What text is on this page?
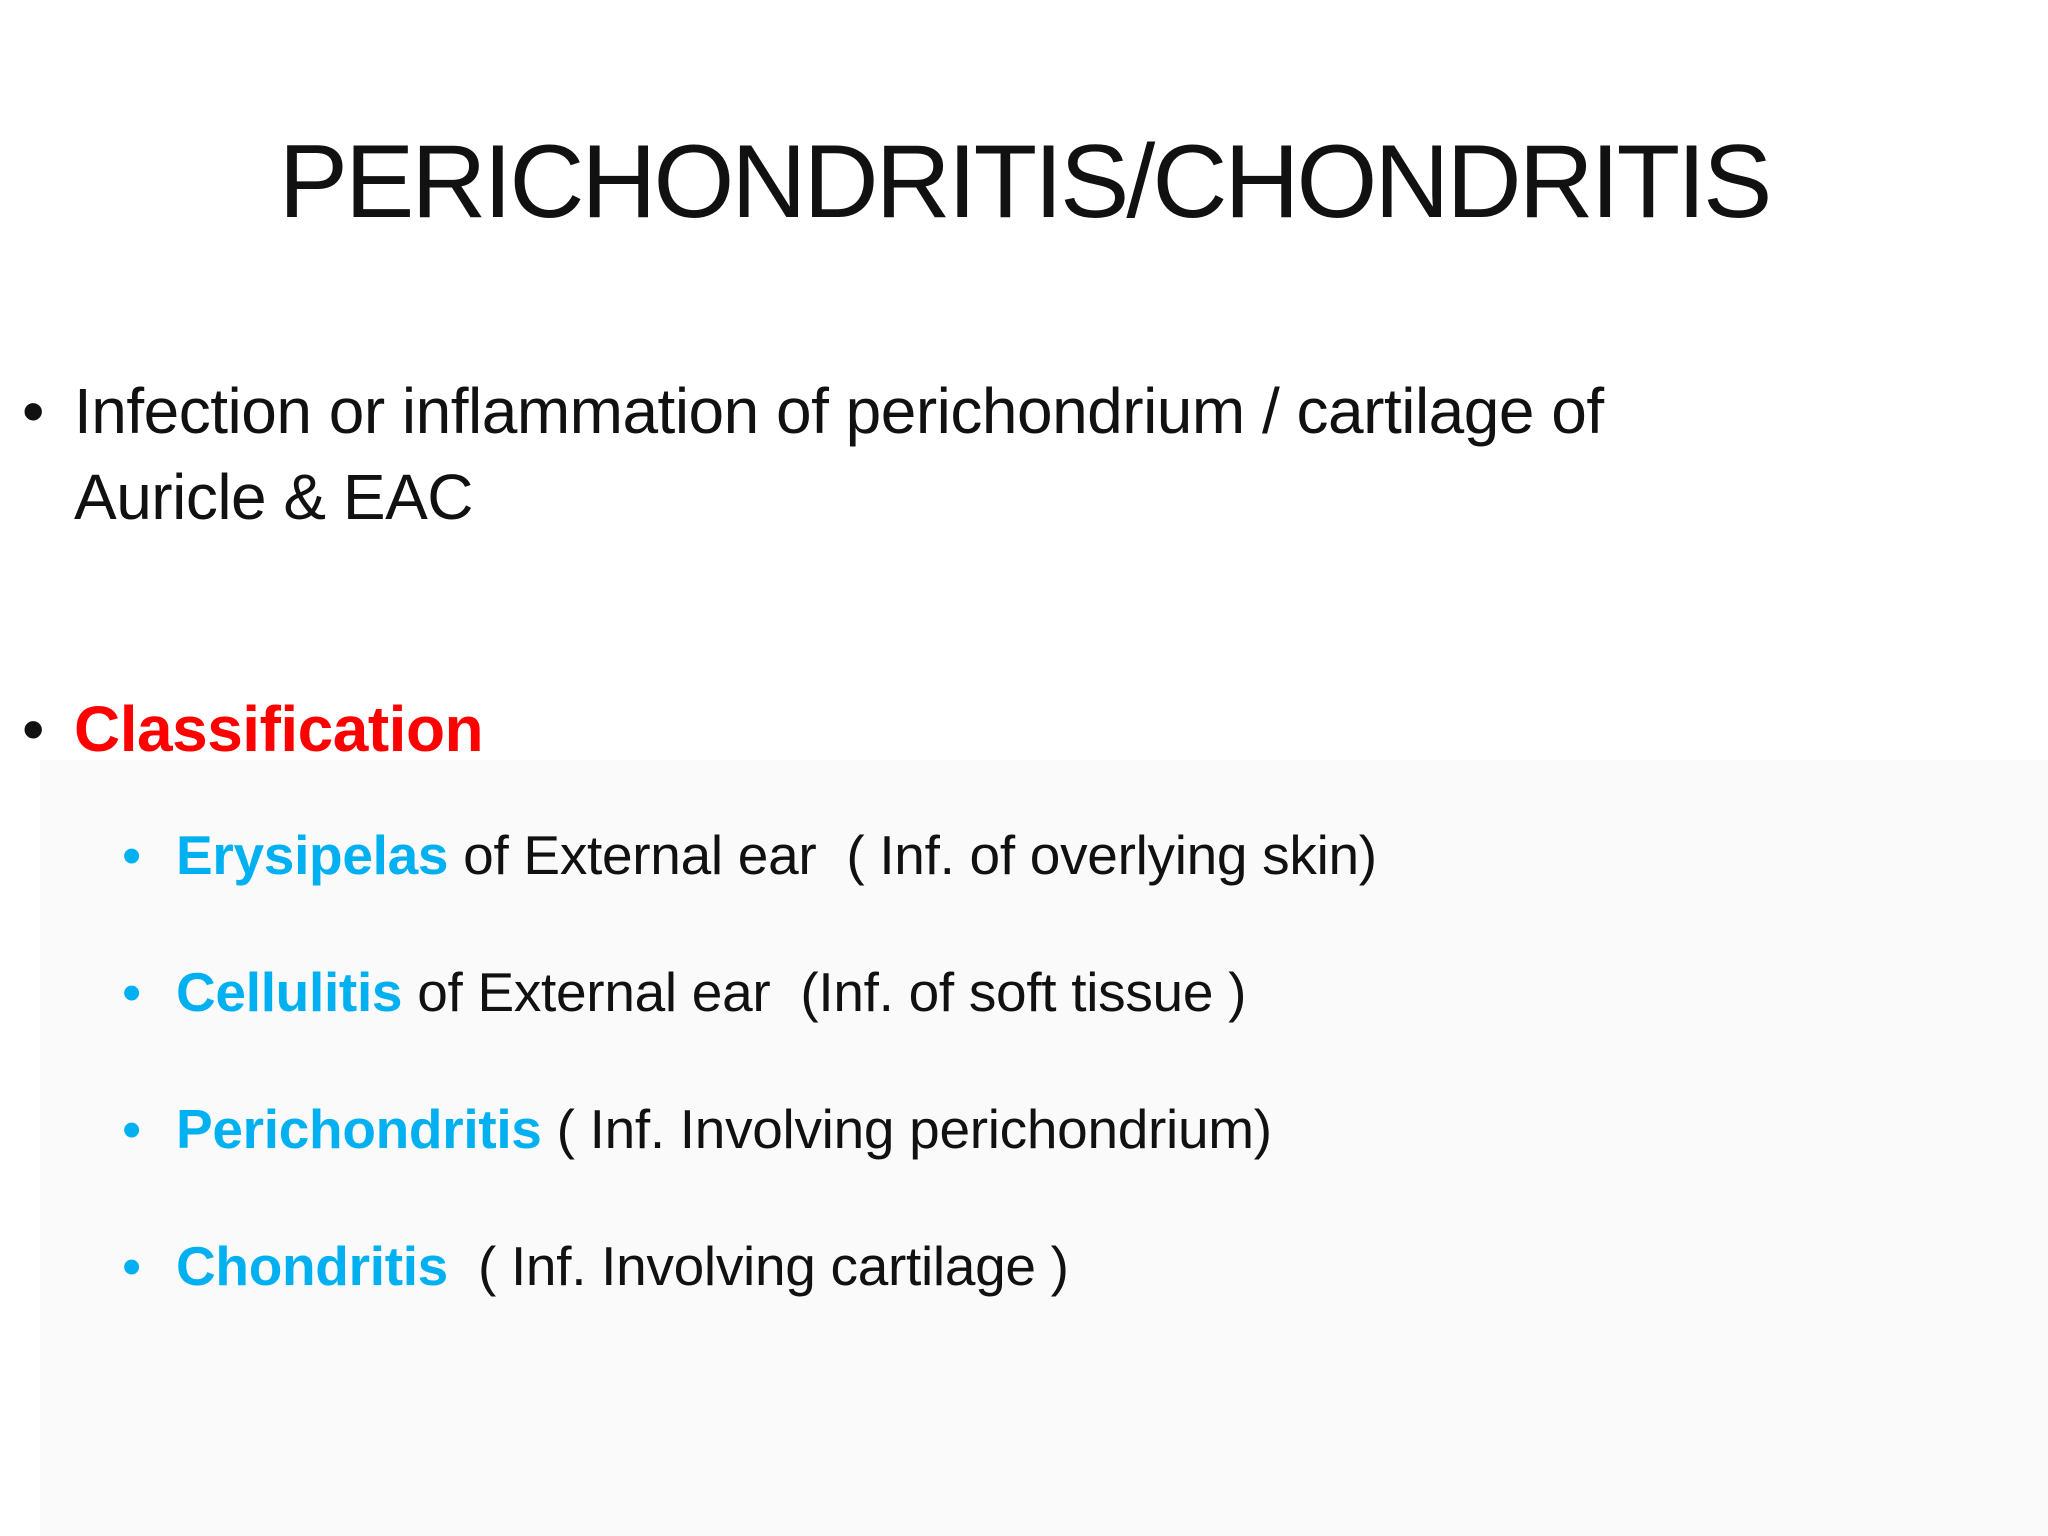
PERICHONDRITIS/CHONDRITIS
• Infection or inflammation of perichondrium / cartilage of
Auricle & EAC
• Classification
• Erysipelas of External ear  ( Inf. of overlying skin)
• Cellulitis of External ear  (Inf. of soft tissue )
• Perichondritis ( Inf. Involving perichondrium)
• Chondritis  ( Inf. Involving cartilage )
